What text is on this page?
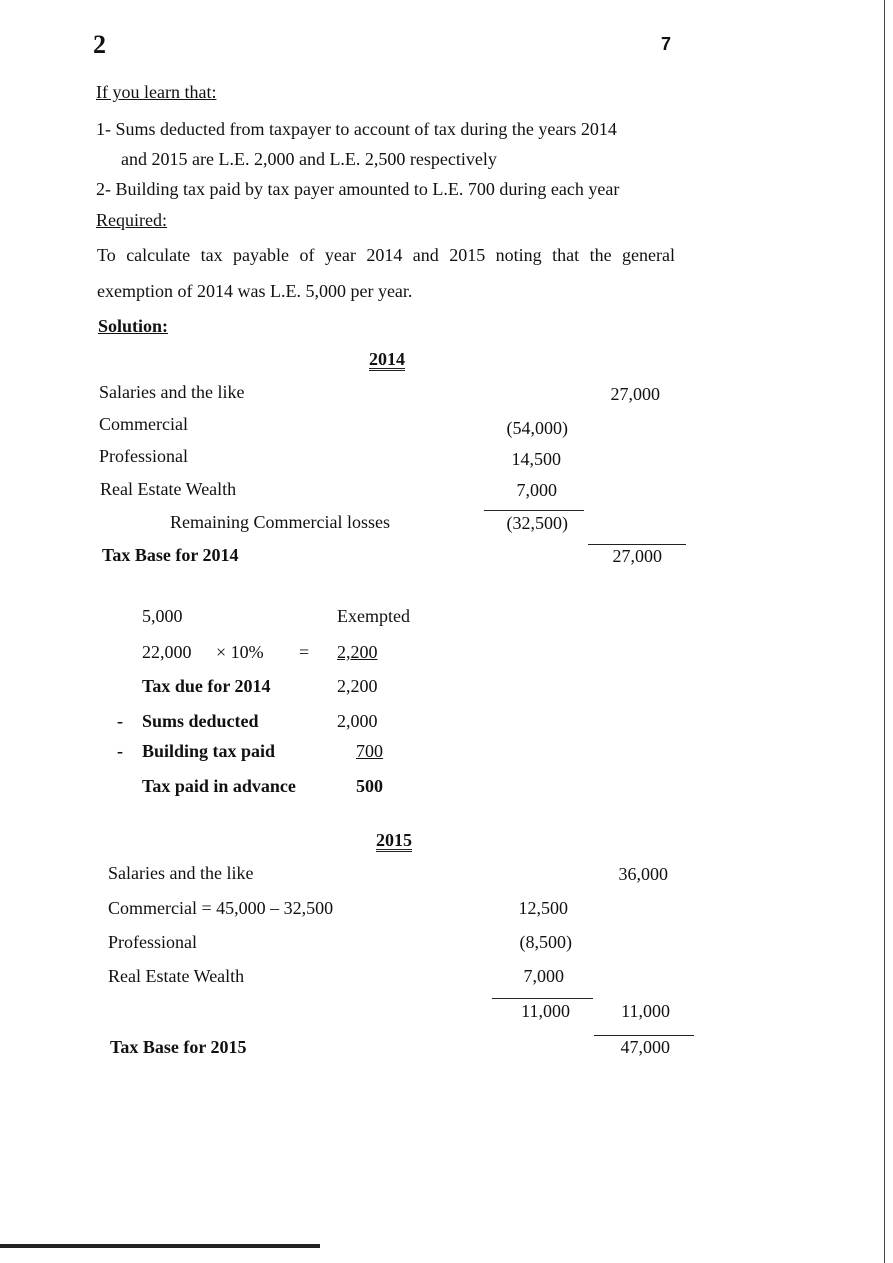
2	7
If you learn that:
1- Sums deducted from taxpayer to account of tax during the years 2014
and 2015 are L.E. 2,000 and L.E. 2,500 respectively
2- Building tax paid by tax payer amounted to L.E. 700 during each year
Required:
To calculate tax payable of year 2014 and 2015 noting that the general
exemption of 2014 was L.E. 5,000 per year.
Solution:
2014
Salaries and the like	27,000
Commercial	(54,000)
Professional	14,500
Real Estate Wealth	7,000
Remaining Commercial losses	(32,500)
Tax Base for 2014	27,000
5,000	Exempted
22,000 × 10% = 2,200
Tax due for 2014	2,200
- Sums deducted	2,000
- Building tax paid	700
Tax paid in advance	500
2015
Salaries and the like	36,000
Commercial = 45,000 – 32,500	12,500
Professional	(8,500)
Real Estate Wealth	7,000
11,000	11,000
Tax Base for 2015	47,000
